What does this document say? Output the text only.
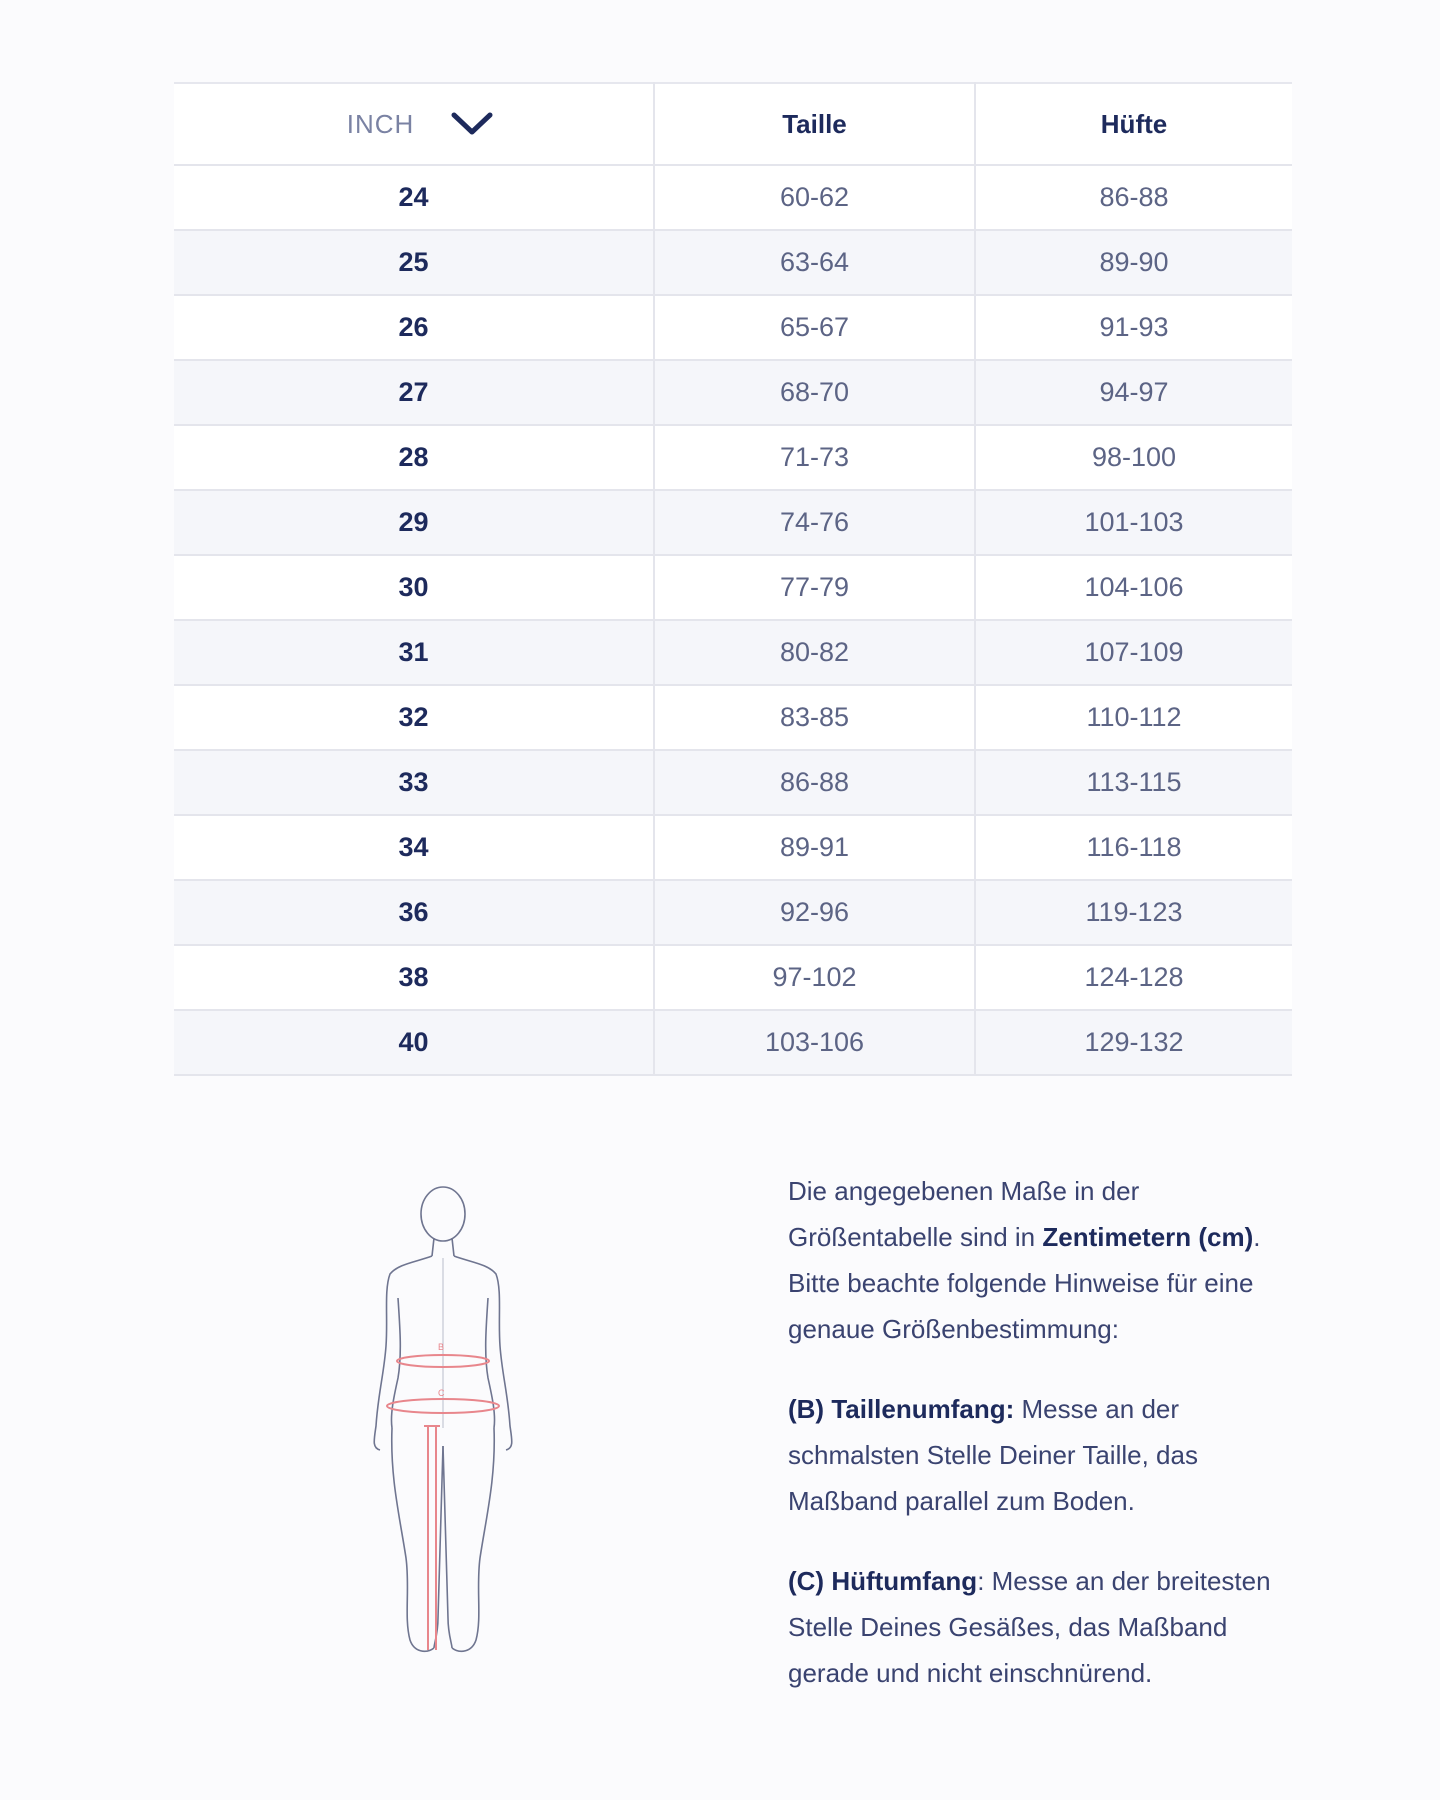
INCH	Taille	Hüfte
24	60-62	86-88
25	63-64	89-90
26	65-67	91-93
27	68-70	94-97
28	71-73	98-100
29	74-76	101-103
30	77-79	104-106
31	80-82	107-109
32	83-85	110-112
33	86-88	113-115
34	89-91	116-118
36	92-96	119-123
38	97-102	124-128
40	103-106	129-132
B
C

Die angegebenen Maße in der Größentabelle sind in Zentimetern (cm). Bitte beachte folgende Hinweise für eine genaue Größenbestimmung:

(B) Taillenumfang: Messe an der schmalsten Stelle Deiner Taille, das Maßband parallel zum Boden.

(C) Hüftumfang: Messe an der breitesten Stelle Deines Gesäßes, das Maßband gerade und nicht einschnürend.
